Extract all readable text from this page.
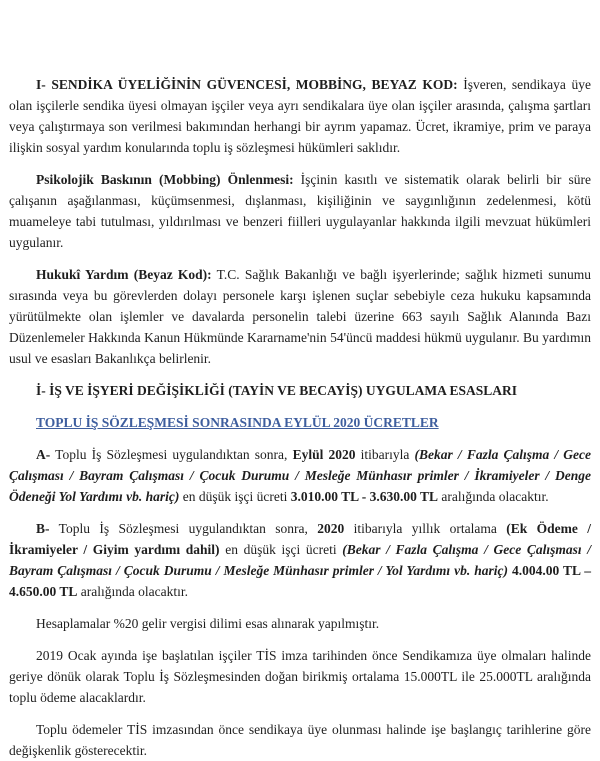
I- SENDİKA ÜYELİĞİNİN GÜVENCESİ, MOBBİNG, BEYAZ KOD: İşveren, sendikaya üye olan işçilerle sendika üyesi olmayan işçiler veya ayrı sendikalara üye olan işçiler arasında, çalışma şartları veya çalıştırmaya son verilmesi bakımından herhangi bir ayrım yapamaz. Ücret, ikramiye, prim ve paraya ilişkin sosyal yardım konularında toplu iş sözleşmesi hükümleri saklıdır.

Psikolojik Baskının (Mobbing) Önlenmesi: İşçinin kasıtlı ve sistematik olarak belirli bir süre çalışanın aşağılanması, küçümsenmesi, dışlanması, kişiliğinin ve saygınlığının zedelenmesi, kötü muameleye tabi tutulması, yıldırılması ve benzeri fiilleri uygulayanlar hakkında ilgili mevzuat hükümleri uygulanır.

Hukukî Yardım (Beyaz Kod): T.C. Sağlık Bakanlığı ve bağlı işyerlerinde; sağlık hizmeti sunumu sırasında veya bu görevlerden dolayı personele karşı işlenen suçlar sebebiyle ceza hukuku kapsamında yürütülmekte olan işlemler ve davalarda personelin talebi üzerine 663 sayılı Sağlık Alanında Bazı Düzenlemeler Hakkında Kanun Hükmünde Kararname'nin 54'üncü maddesi hükmü uygulanır. Bu yardımın usul ve esasları Bakanlıkça belirlenir.

İ- İŞ VE İŞYERİ DEĞİŞİKLİĞİ (TAYİN VE BECAYİŞ) UYGULAMA ESASLARI

TOPLU İŞ SÖZLEŞMESİ SONRASINDA EYLÜL 2020 ÜCRETLER

A- Toplu İş Sözleşmesi uygulandıktan sonra, Eylül 2020 itibarıyla (Bekar / Fazla Çalışma / Gece Çalışması / Bayram Çalışması / Çocuk Durumu / Mesleğe Münhasır primler / İkramiyeler / Denge Ödeneği Yol Yardımı vb. hariç) en düşük işçi ücreti 3.010.00 TL - 3.630.00 TL aralığında olacaktır.

B- Toplu İş Sözleşmesi uygulandıktan sonra, 2020 itibarıyla yıllık ortalama (Ek Ödeme / İkramiyeler / Giyim yardımı dahil) en düşük işçi ücreti (Bekar / Fazla Çalışma / Gece Çalışması / Bayram Çalışması / Çocuk Durumu / Mesleğe Münhasır primler / Yol Yardımı vb. hariç) 4.004.00 TL – 4.650.00 TL aralığında olacaktır.

Hesaplamalar %20 gelir vergisi dilimi esas alınarak yapılmıştır.

2019 Ocak ayında işe başlatılan işçiler TİS imza tarihinden önce Sendikamıza üye olmaları halinde geriye dönük olarak Toplu İş Sözleşmesinden doğan birikmiş ortalama 15.000TL ile 25.000TL aralığında toplu ödeme alacaklardır.

Toplu ödemeler TİS imzasından önce sendikaya üye olunması halinde işe başlangıç tarihlerine göre değişkenlik gösterecektir.
